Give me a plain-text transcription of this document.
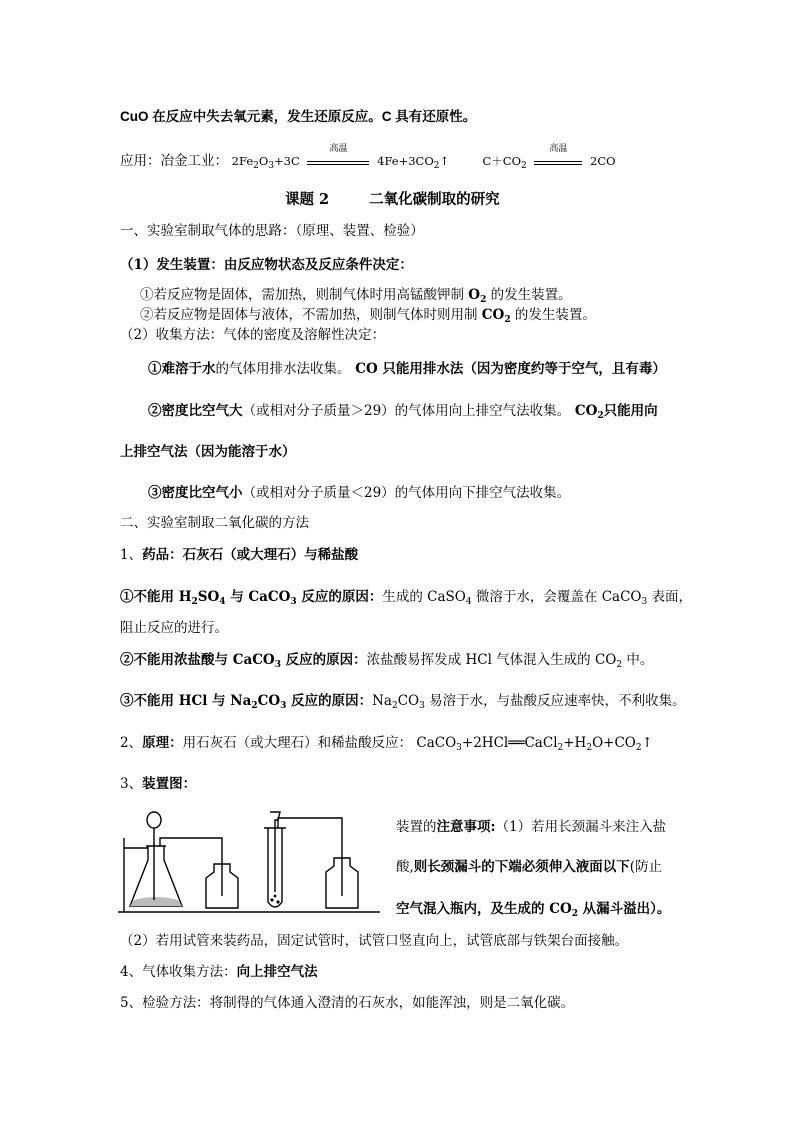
CuO 在反应中失去氧元素，发生还原反应。C 具有还原性。
应用：冶金工业： $2Fe_2O_3+3C$
高温
$4Fe+3CO_2↑$	$C+CO_2$
高温
2CO
课题 2	二氧化碳制取的研究
一、实验室制取气体的思路：（原理、装置、检验）
（1）发生装置：由反应物状态及反应条件决定：
①若反应物是固体，需加热，则制气体时用高锰酸钾制 $O_2$ 的发生装置。
②若反应物是固体与液体，不需加热，则制气体时则用制 $CO_2$ 的发生装置。
（2）收集方法：气体的密度及溶解性决定：
①难溶于水的气体用排水法收集。 CO 只能用排水法（因为密度约等于空气，且有毒）
②密度比空气大（或相对分子质量＞29）的气体用向上排空气法收集。 $CO_2$只能用向
上排空气法（因为能溶于水）
③密度比空气小（或相对分子质量＜29）的气体用向下排空气法收集。
二、实验室制取二氧化碳的方法
1、药品：石灰石（或大理石）与稀盐酸
①不能用 $H_2SO_4$ 与 CaCO$_3$ 反应的原因：生成的 CaSO$_4$ 微溶于水，会覆盖在 CaCO$_3$ 表面，
阻止反应的进行。
②不能用浓盐酸与 CaCO$_3$ 反应的原因：浓盐酸易挥发成 HCl 气体混入生成的 $CO_2$ 中。
③不能用 HCl 与 $Na_2CO_3$ 反应的原因：$Na_2CO_3$ 易溶于水，与盐酸反应速率快，不利收集。
2、原理：用石灰石（或大理石）和稀盐酸反应： $CaCO_3+2HCl══CaCl_2+H_2O+CO_2↑$
3、装置图：
装置的注意事项:（1）若用长颈漏斗来注入盐
酸,则长颈漏斗的下端必须伸入液面以下(防止
空气混入瓶内，及生成的 $CO_2$ 从漏斗溢出）。
（2）若用试管来装药品，固定试管时，试管口竖直向上，试管底部与铁架台面接触。
4、气体收集方法：向上排空气法
5、检验方法：将制得的气体通入澄清的石灰水，如能浑浊，则是二氧化碳。
